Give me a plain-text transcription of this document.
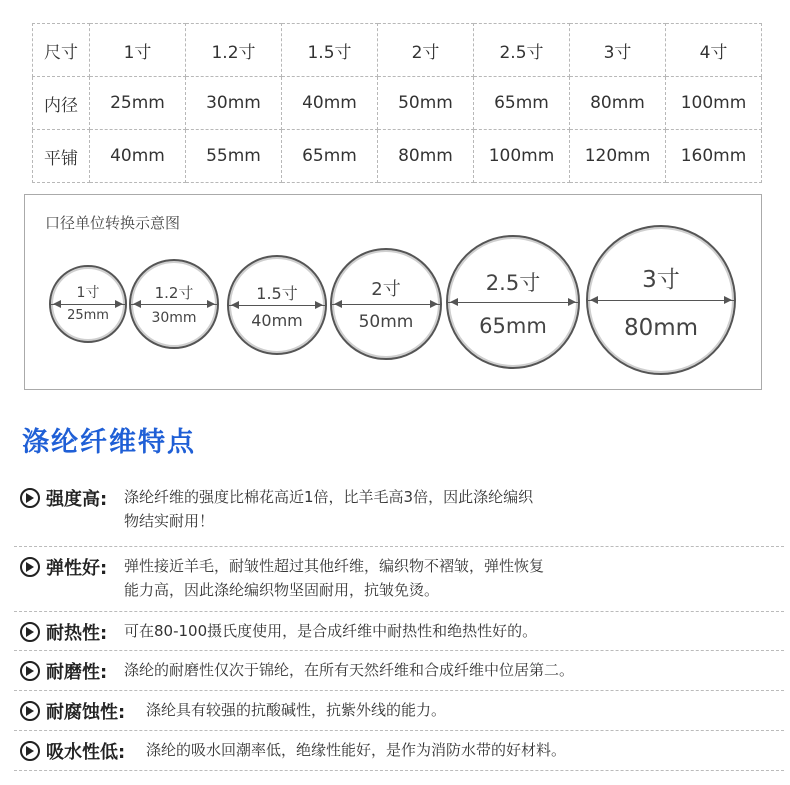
尺寸	1寸	1.2寸	1.5寸	2寸	2.5寸	3寸	4寸
内径	25mm	30mm	40mm	50mm	65mm	80mm	100mm
平铺	40mm	55mm	65mm	80mm	100mm	120mm	160mm
口径单位转换示意图
1寸
25mm
1.2寸
30mm
1.5寸
40mm
2寸
50mm
2.5寸
65mm
3寸
80mm
涤纶纤维特点
强度高: 涤纶纤维的强度比棉花高近1倍，比羊毛高3倍，因此涤纶编织
物结实耐用！
弹性好: 弹性接近羊毛，耐皱性超过其他纤维，编织物不褶皱，弹性恢复
能力高，因此涤纶编织物坚固耐用，抗皱免烫。
耐热性: 可在80-100摄氏度使用，是合成纤维中耐热性和绝热性好的。
耐磨性: 涤纶的耐磨性仅次于锦纶，在所有天然纤维和合成纤维中位居第二。
耐腐蚀性: 涤纶具有较强的抗酸碱性，抗紫外线的能力。
吸水性低: 涤纶的吸水回潮率低，绝缘性能好，是作为消防水带的好材料。
